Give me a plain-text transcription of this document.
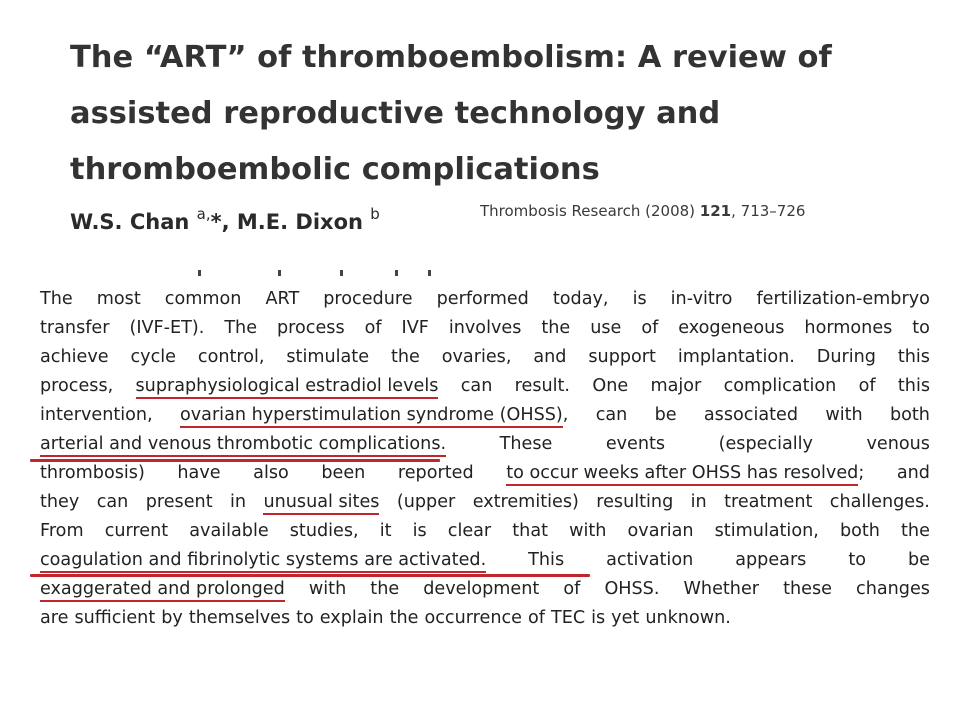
The “ART” of thromboembolism: A review of
assisted reproductive technology and
thromboembolic complications
W.S. Chan $^{a,}$*, M.E. Dixon $^b$	Thrombosis Research (2008) 121, 713–726
The most common ART procedure performed today, is in-vitro fertilization-embryo
transfer (IVF-ET). The process of IVF involves the use of exogeneous hormones to
achieve cycle control, stimulate the ovaries, and support implantation. During this
process, supraphysiological estradiol levels can result. One major complication of this
intervention, ovarian hyperstimulation syndrome (OHSS), can be associated with both
arterial and venous thrombotic complications.	These	events	(especially	venous
thrombosis) have also been reported to occur weeks after OHSS has resolved; and
they can present in unusual sites (upper extremities) resulting in treatment challenges.
From current available studies, it is clear that with ovarian stimulation, both the
coagulation and fibrinolytic systems are activated. This activation appears to be
exaggerated and prolonged with the development of OHSS. Whether these changes
are sufficient by themselves to explain the occurrence of TEC is yet unknown.
